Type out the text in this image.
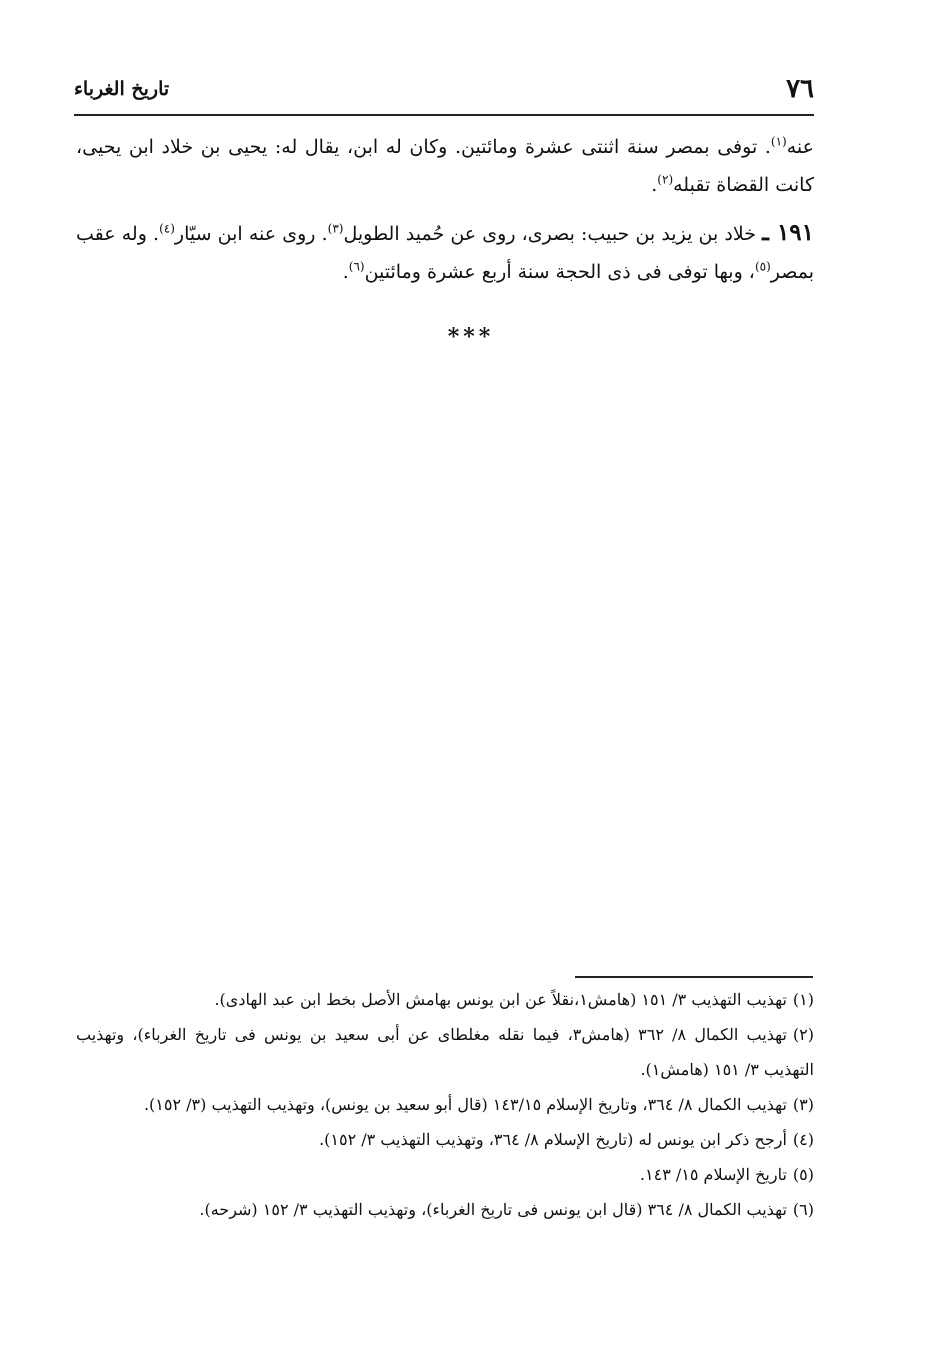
تاريخ الغرباء	٧٦

عنه$^{(١)}$. توفى بمصر سنة اثنتى عشرة ومائتين. وكان له ابن، يقال له: يحيى بن خلاد ابن يحيى، كانت القضاة تقبله$^{(٢)}$.

١٩١ ـ خلاد بن يزيد بن حبيب: بصرى، روى عن حُميد الطويل$^{(٣)}$. روى عنه ابن سيّار$^{(٤)}$. وله عقب بمصر$^{(٥)}$، وبها توفى فى ذى الحجة سنة أربع عشرة ومائتين$^{(٦)}$.

***

(١)تهذيب التهذيب ٣/ ١٥١ (هامش١،نقلاً عن ابن يونس بهامش الأصل بخط ابن عبد الهادى).

(٢)تهذيب الكمال ٨/ ٣٦٢ (هامش٣، فيما نقله مغلطاى عن أبى سعيد بن يونس فى تاريخ الغرباء)، وتهذيب التهذيب ٣/ ١٥١ (هامش١).

(٣)تهذيب الكمال ٨/ ٣٦٤، وتاريخ الإسلام ١٤٣/١٥ (قال أبو سعيد بن يونس)، وتهذيب التهذيب (٣/ ١٥٢).

(٤)أرجح ذكر ابن يونس له (تاريخ الإسلام ٨/ ٣٦٤، وتهذيب التهذيب ٣/ ١٥٢).

(٥)تاريخ الإسلام ١٥/ ١٤٣.

(٦)تهذيب الكمال ٨/ ٣٦٤ (قال ابن يونس فى تاريخ الغرباء)، وتهذيب التهذيب ٣/ ١٥٢ (شرحه).
